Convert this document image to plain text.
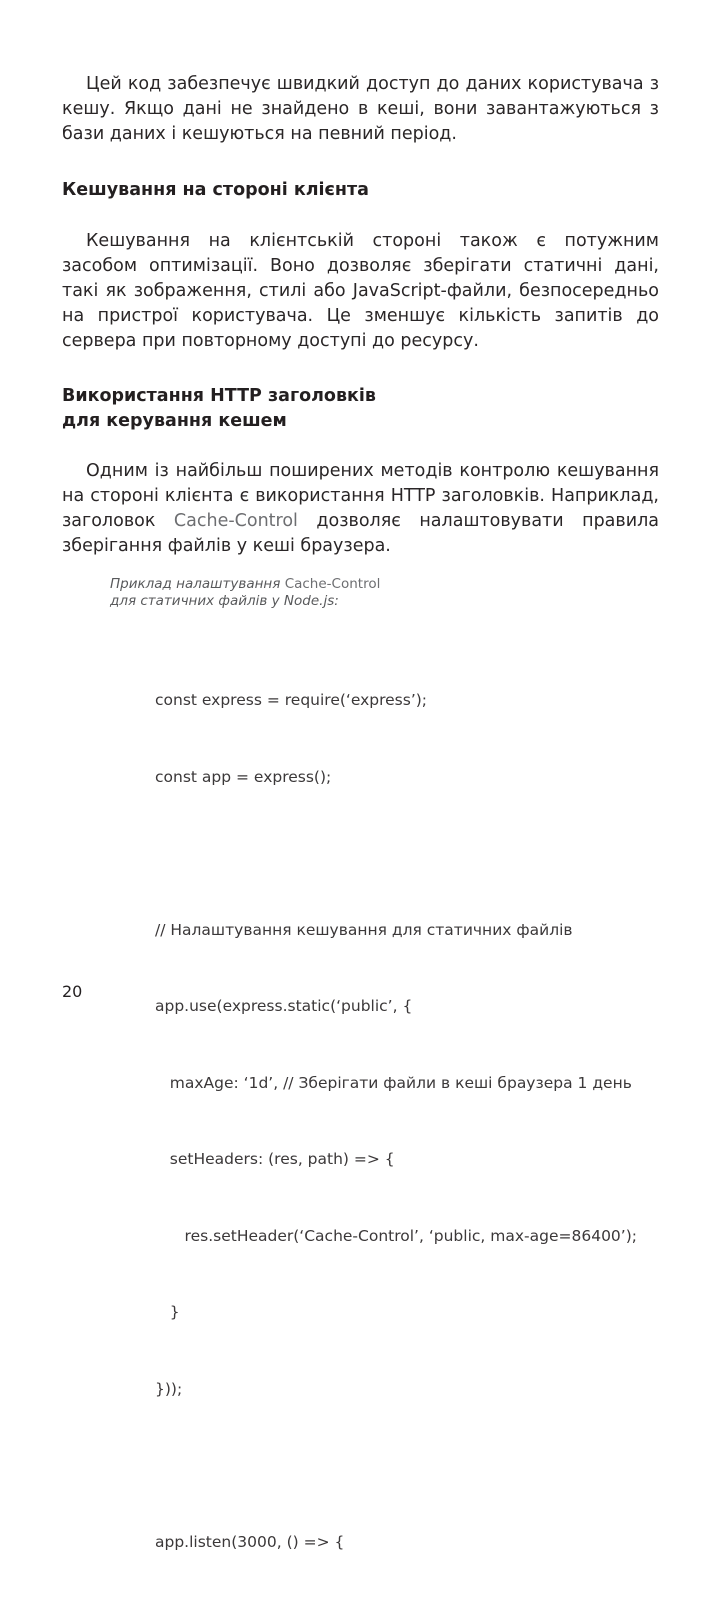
Цей код забезпечує швидкий доступ до даних користувача з кешу. Якщо дані не знайдено в кеші, вони завантажуються з бази даних і кешуються на певний період.
Кешування на стороні клієнта
Кешування на клієнтській стороні також є потужним засобом оптимізації. Воно дозволяє зберігати статичні дані, такі як зображення, стилі або JavaScript-файли, безпосередньо на пристрої користувача. Це зменшує кількість запитів до сервера при повторному доступі до ресурсу.
Використання HTTP заголовків
для керування кешем
Одним із найбільш поширених методів контролю кешування на стороні клієнта є використання HTTP заголовків. Наприклад, заголовок Cache-Control дозволяє налаштовувати правила зберігання файлів у кеші браузера.
Приклад налаштування Cache-Control
для статичних файлів у Node.js:

const express = require(‘express’);

const app = express();

// Налаштування кешування для статичних файлів

app.use(express.static(‘public’, {

maxAge: ‘1d’, // Зберігати файли в кеші браузера 1 день

setHeaders: (res, path) => {

res.setHeader(‘Cache-Control’, ‘public, max-age=86400’);

}

}));

app.listen(3000, () => {

20
